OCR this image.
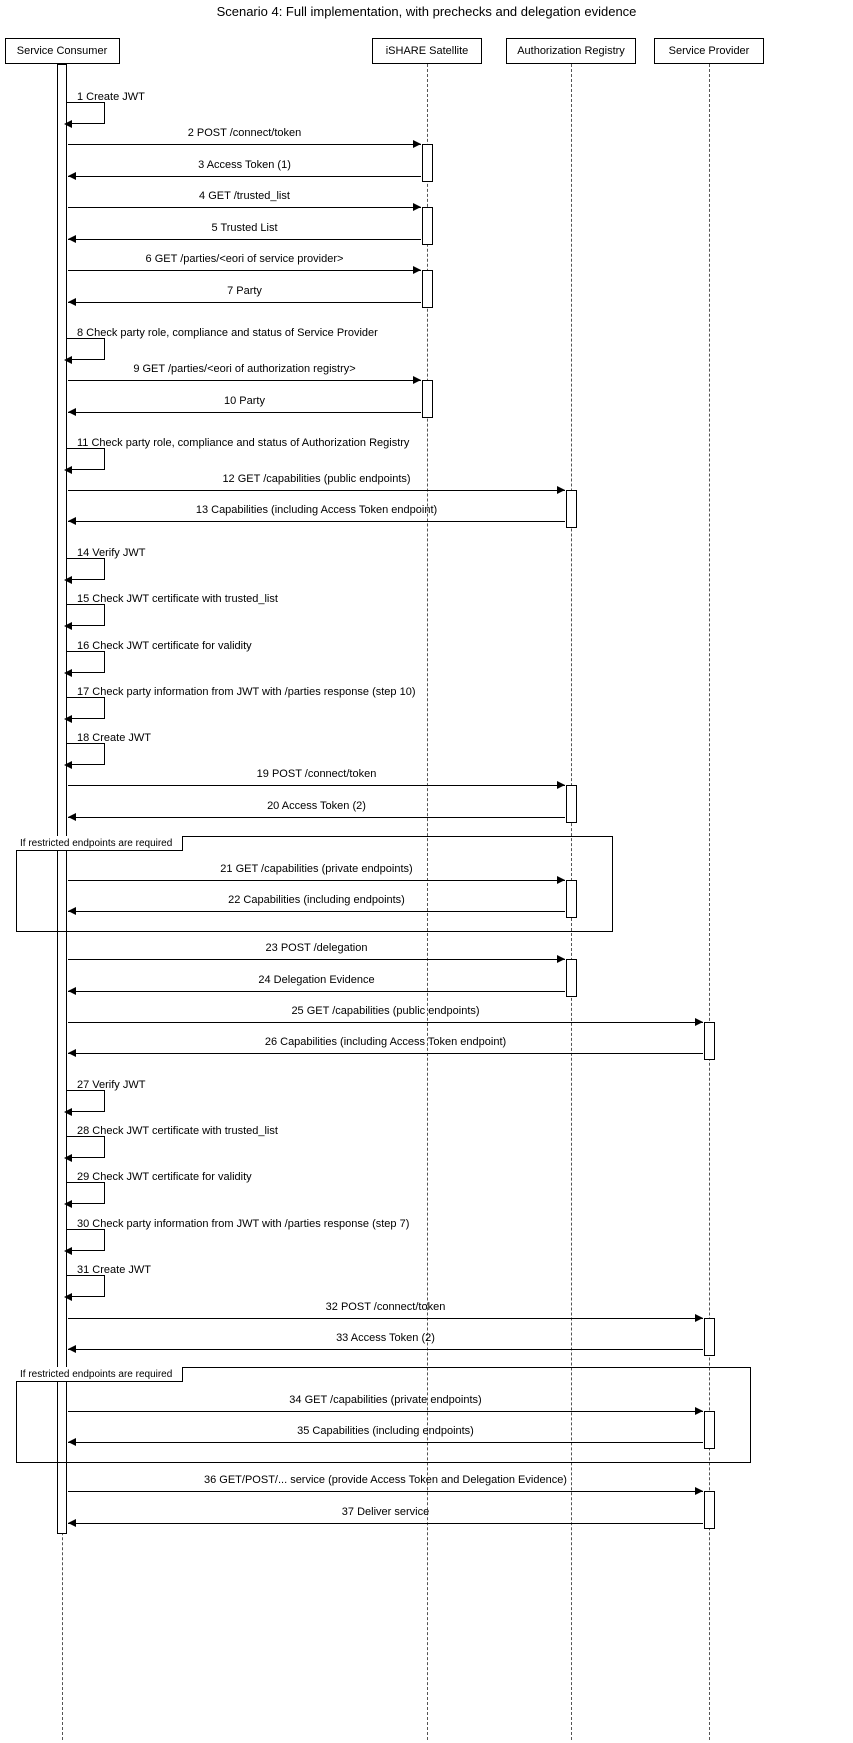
Scenario 4: Full implementation, with prechecks and delegation evidence
Service Consumer	iSHARE Satellite	Authorization Registry	Service Provider
If restricted endpoints are required
If restricted endpoints are required
1 Create JWT
2 POST /connect/token
3 Access Token (1)
4 GET /trusted_list
5 Trusted List
6 GET /parties/<eori of service provider>
7 Party
8 Check party role, compliance and status of Service Provider
9 GET /parties/<eori of authorization registry>
10 Party
11 Check party role, compliance and status of Authorization Registry
12 GET /capabilities (public endpoints)
13 Capabilities (including Access Token endpoint)
14 Verify JWT
15 Check JWT certificate with trusted_list
16 Check JWT certificate for validity
17 Check party information from JWT with /parties response (step 10)
18 Create JWT
19 POST /connect/token
20 Access Token (2)
21 GET /capabilities (private endpoints)
22 Capabilities (including endpoints)
23 POST /delegation
24 Delegation Evidence
25 GET /capabilities (public endpoints)
26 Capabilities (including Access Token endpoint)
27 Verify JWT
28 Check JWT certificate with trusted_list
29 Check JWT certificate for validity
30 Check party information from JWT with /parties response (step 7)
31 Create JWT
32 POST /connect/token
33 Access Token (2)
34 GET /capabilities (private endpoints)
35 Capabilities (including endpoints)
36 GET/POST/... service (provide Access Token and Delegation Evidence)
37 Deliver service
